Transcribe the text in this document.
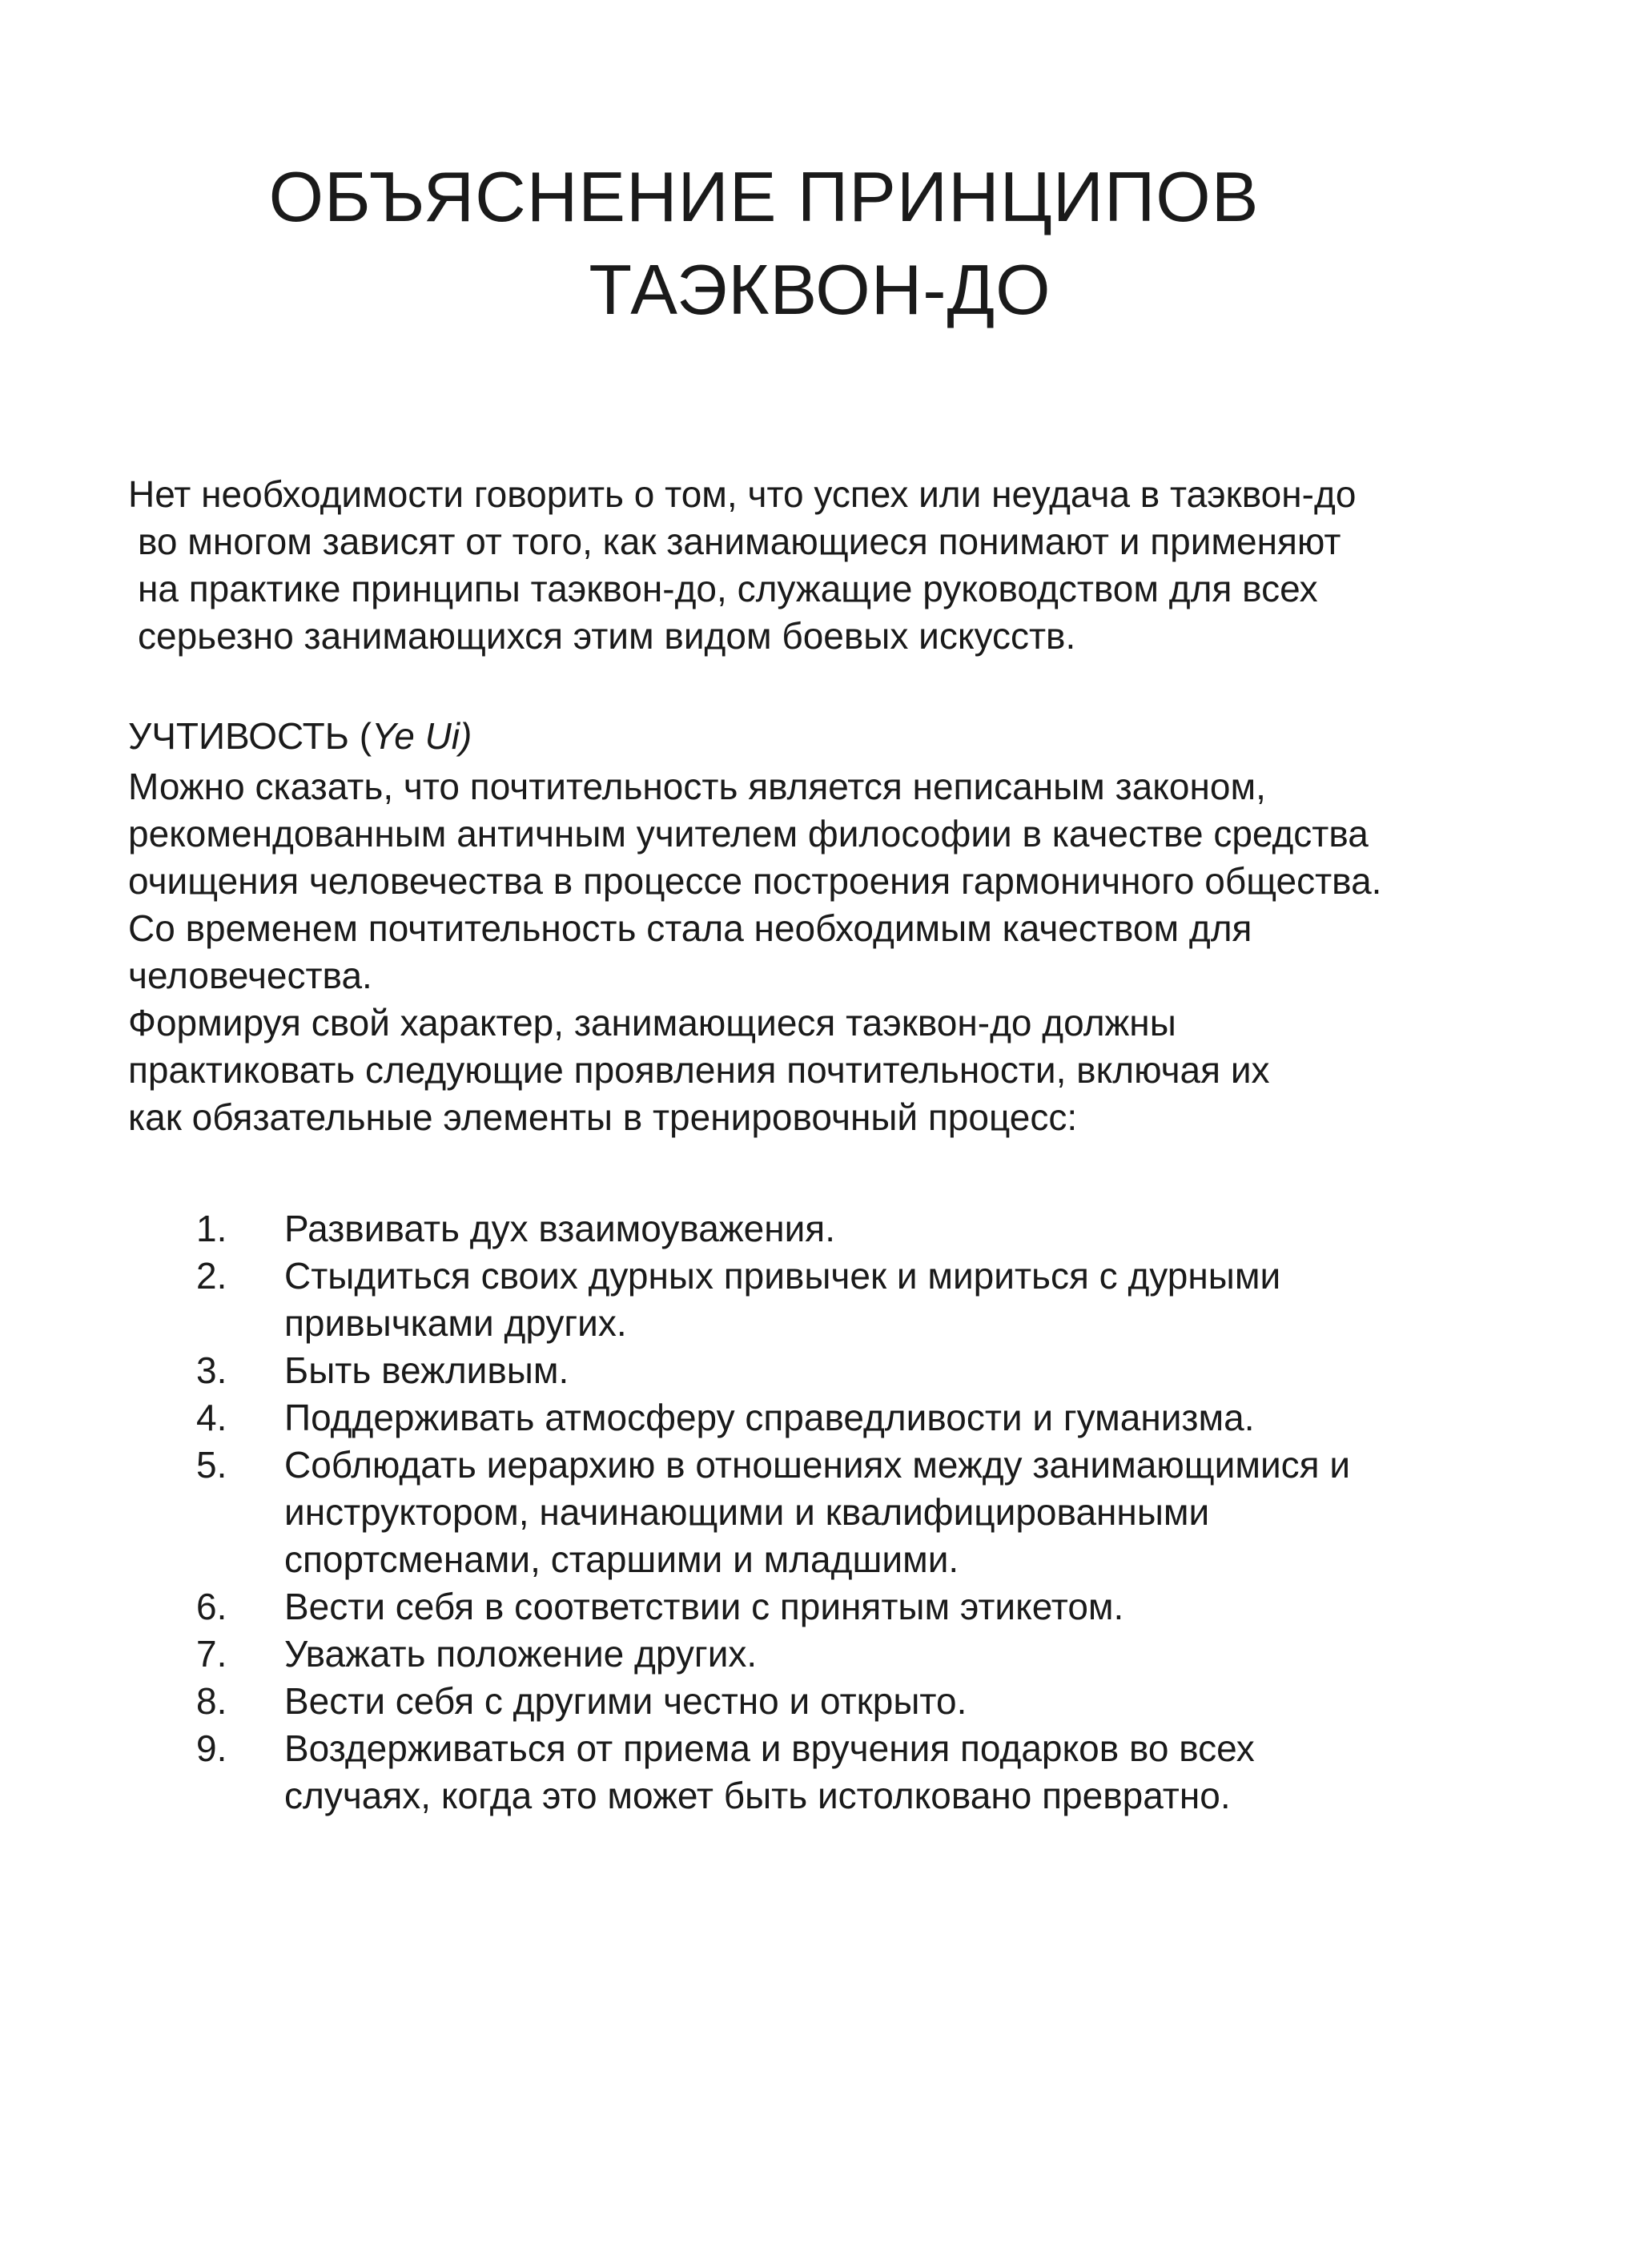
ОБЪЯСНЕНИЕ ПРИНЦИПОВ
ТАЭКВОН-ДО
Нет необходимости говорить о том, что успех или неудача в таэквон-до
во многом зависят от того, как занимающиеся понимают и применяют
на практике принципы таэквон-до, служащие руководством для всех
серьезно занимающихся этим видом боевых искусств.
УЧТИВОСТЬ (Ye Ui)
Можно сказать, что почтительность является неписаным законом,
рекомендованным античным учителем философии в качестве средства
очищения человечества в процессе построения гармоничного общества.
Со временем почтительность стала необходимым качеством для
человечества.
Формируя свой характер, занимающиеся таэквон-до должны
практиковать следующие проявления почтительности, включая их
как обязательные элементы в тренировочный процесс:
1.	Развивать дух взаимоуважения.
2.	Стыдиться своих дурных привычек и мириться с дурными
привычками других.
3.	Быть вежливым.
4.	Поддерживать атмосферу справедливости и гуманизма.
5.	Соблюдать иерархию в отношениях между занимающимися и
инструктором, начинающими и квалифицированными
спортсменами, старшими и младшими.
6.	Вести себя в соответствии с принятым этикетом.
7.	Уважать положение других.
8.	Вести себя с другими честно и открыто.
9.	Воздерживаться от приема и вручения подарков во всех
случаях, когда это может быть истолковано превратно.
